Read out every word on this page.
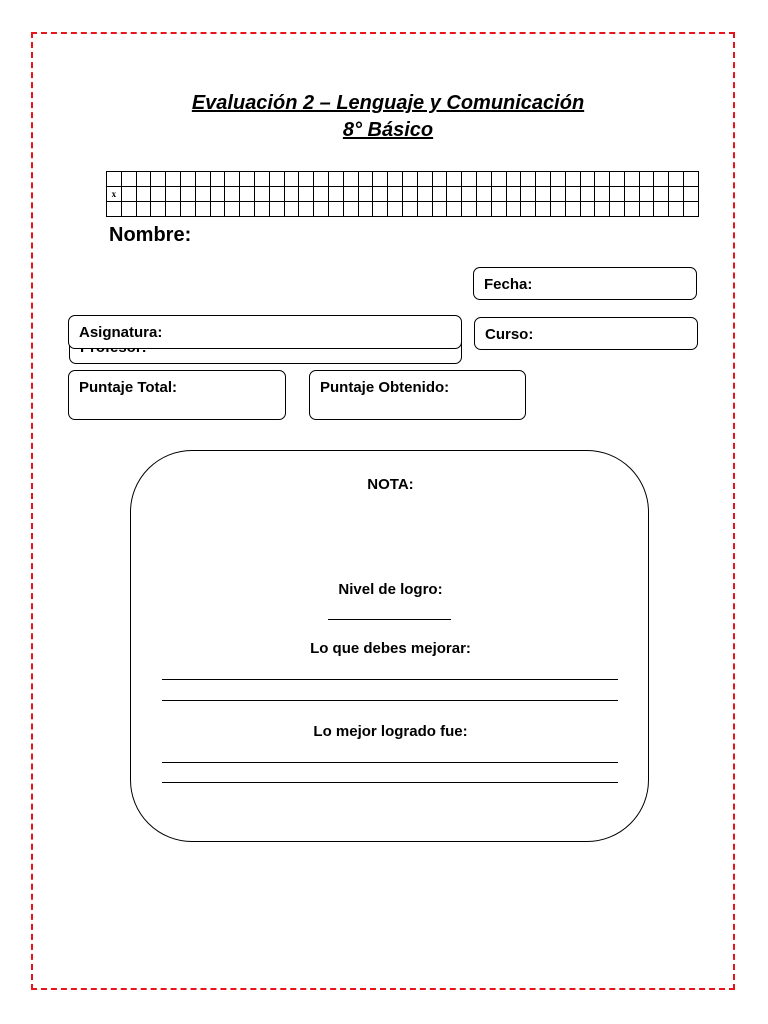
Evaluación 2 – Lenguaje y Comunicación
8° Básico

x																																							

Nombre:
Fecha:
Asignatura:	Curso:
Puntaje Total:	Puntaje Obtenido:
NOTA:
Nivel de logro:
Lo que debes mejorar:
Lo mejor logrado fue:
